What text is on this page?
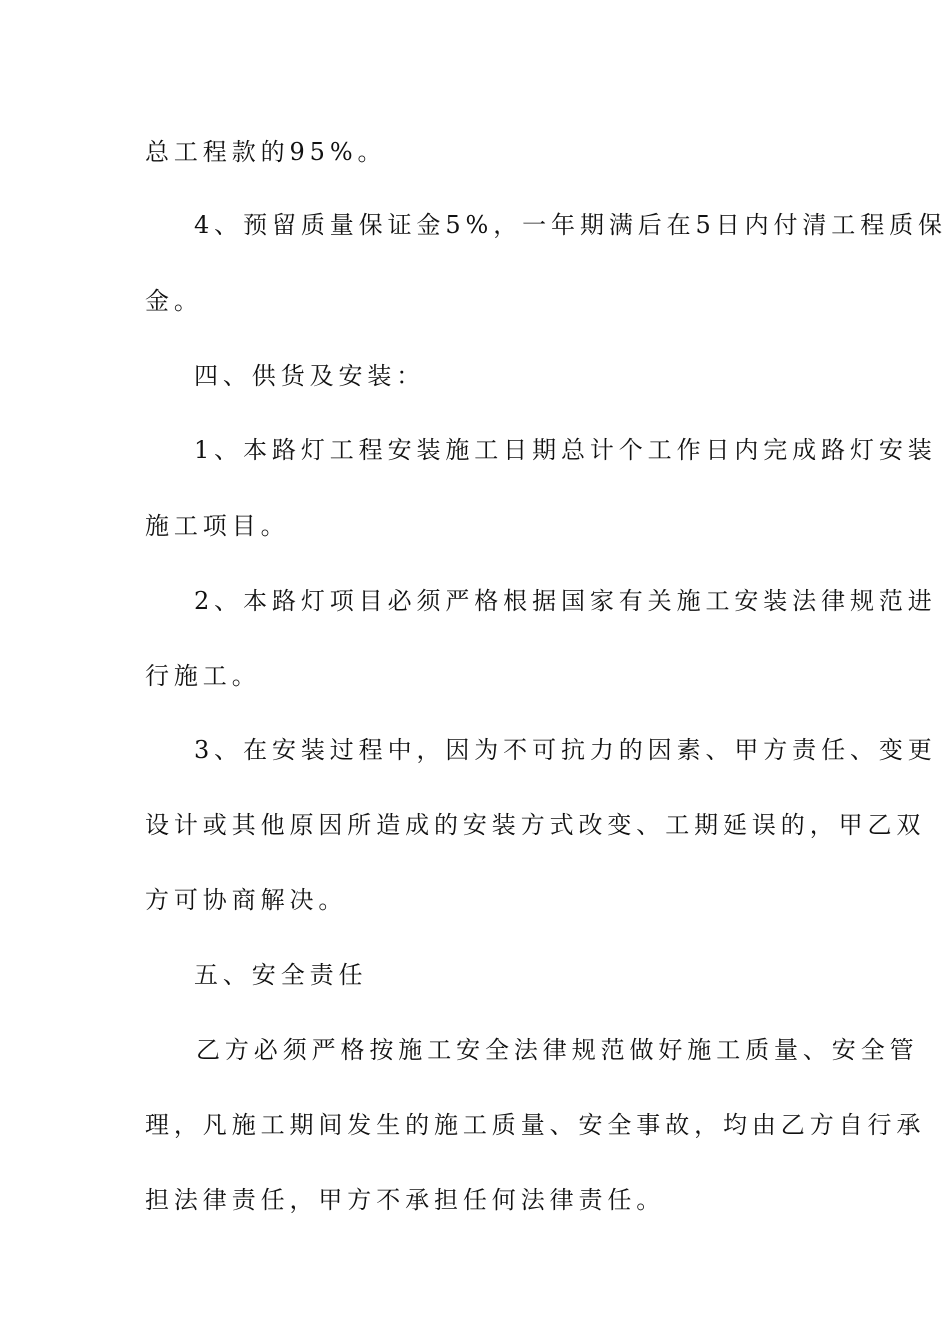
总工程款的95%。
4、预留质量保证金5%，一年期满后在5日内付清工程质保
金。
四、供货及安装：
1、本路灯工程安装施工日期总计个工作日内完成路灯安装
施工项目。
2、本路灯项目必须严格根据国家有关施工安装法律规范进
行施工。
3、在安装过程中，因为不可抗力的因素、甲方责任、变更
设计或其他原因所造成的安装方式改变、工期延误的，甲乙双
方可协商解决。
五、安全责任
乙方必须严格按施工安全法律规范做好施工质量、安全管
理，凡施工期间发生的施工质量、安全事故，均由乙方自行承
担法律责任，甲方不承担任何法律责任。
